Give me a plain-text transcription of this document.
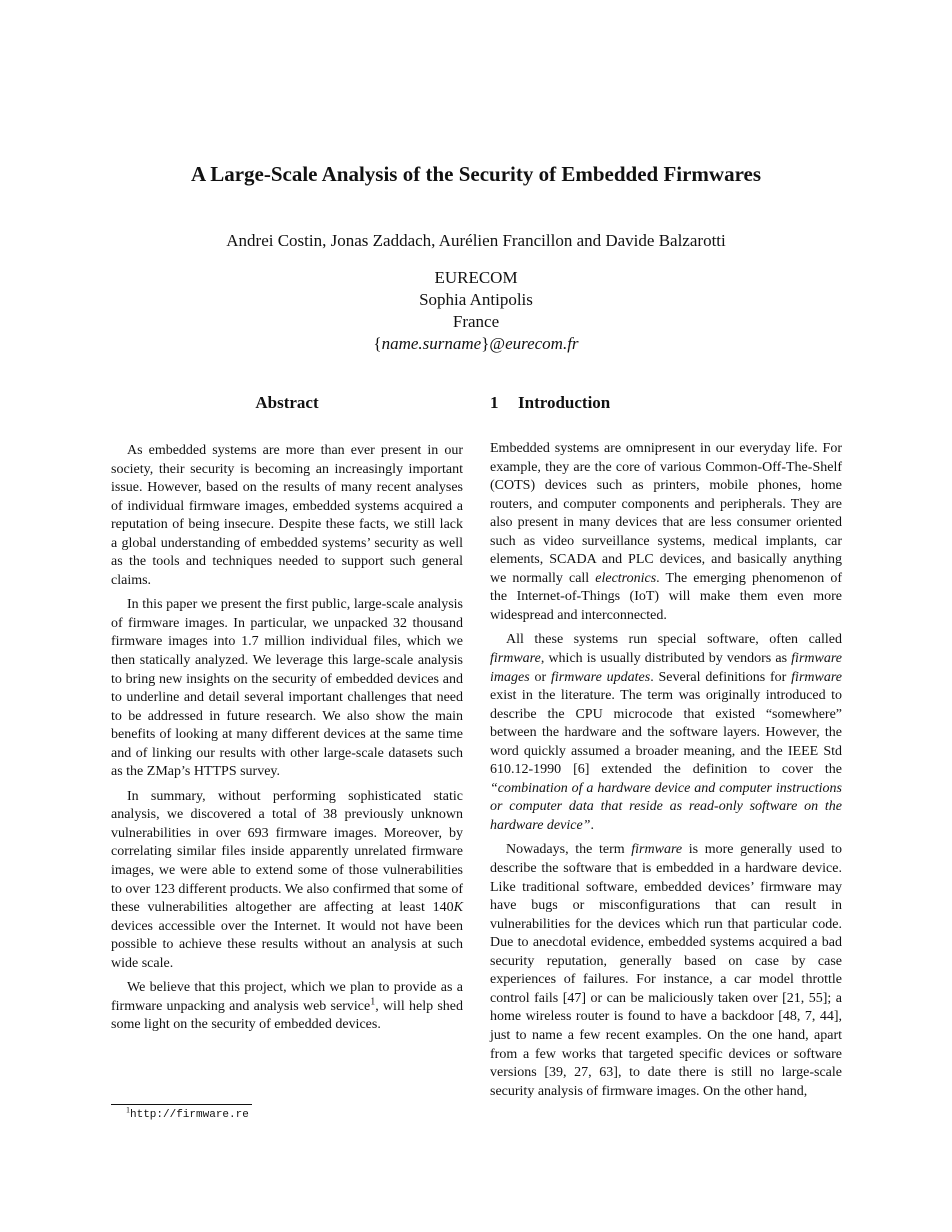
A Large-Scale Analysis of the Security of Embedded Firmwares
Andrei Costin, Jonas Zaddach, Aurélien Francillon and Davide Balzarotti
EURECOM
Sophia Antipolis
France
{name.surname}@eurecom.fr
Abstract

As embedded systems are more than ever present in our society, their security is becoming an increasingly important issue. However, based on the results of many recent analyses of individual firmware images, embedded systems acquired a reputation of being insecure. Despite these facts, we still lack a global understanding of embedded systems’ security as well as the tools and techniques needed to support such general claims.

In this paper we present the first public, large-scale analysis of firmware images. In particular, we unpacked 32 thousand firmware images into 1.7 million individual files, which we then statically analyzed. We leverage this large-scale analysis to bring new insights on the security of embedded devices and to underline and detail several important challenges that need to be addressed in future research. We also show the main benefits of looking at many different devices at the same time and of linking our results with other large-scale datasets such as the ZMap’s HTTPS survey.

In summary, without performing sophisticated static analysis, we discovered a total of 38 previously unknown vulnerabilities in over 693 firmware images. Moreover, by correlating similar files inside apparently unrelated firmware images, we were able to extend some of those vulnerabilities to over 123 different products. We also confirmed that some of these vulnerabilities altogether are affecting at least 140K devices accessible over the Internet. It would not have been possible to achieve these results without an analysis at such wide scale.

We believe that this project, which we plan to provide as a firmware unpacking and analysis web service$^1$, will help shed some light on the security of embedded devices.

$^1$http://firmware.re
1 Introduction

Embedded systems are omnipresent in our everyday life. For example, they are the core of various Common-Off-The-Shelf (COTS) devices such as printers, mobile phones, home routers, and computer components and peripherals. They are also present in many devices that are less consumer oriented such as video surveillance systems, medical implants, car elements, SCADA and PLC devices, and basically anything we normally call electronics. The emerging phenomenon of the Internet-of-Things (IoT) will make them even more widespread and interconnected.

All these systems run special software, often called firmware, which is usually distributed by vendors as firmware images or firmware updates. Several definitions for firmware exist in the literature. The term was originally introduced to describe the CPU microcode that existed “somewhere” between the hardware and the software layers. However, the word quickly assumed a broader meaning, and the IEEE Std 610.12-1990 [6] extended the definition to cover the “combination of a hardware device and computer instructions or computer data that reside as read-only software on the hardware device”.

Nowadays, the term firmware is more generally used to describe the software that is embedded in a hardware device. Like traditional software, embedded devices’ firmware may have bugs or misconfigurations that can result in vulnerabilities for the devices which run that particular code. Due to anecdotal evidence, embedded systems acquired a bad security reputation, generally based on case by case experiences of failures. For instance, a car model throttle control fails [47] or can be maliciously taken over [21, 55]; a home wireless router is found to have a backdoor [48, 7, 44], just to name a few recent examples. On the one hand, apart from a few works that targeted specific devices or software versions [39, 27, 63], to date there is still no large-scale security analysis of firmware images. On the other hand,
